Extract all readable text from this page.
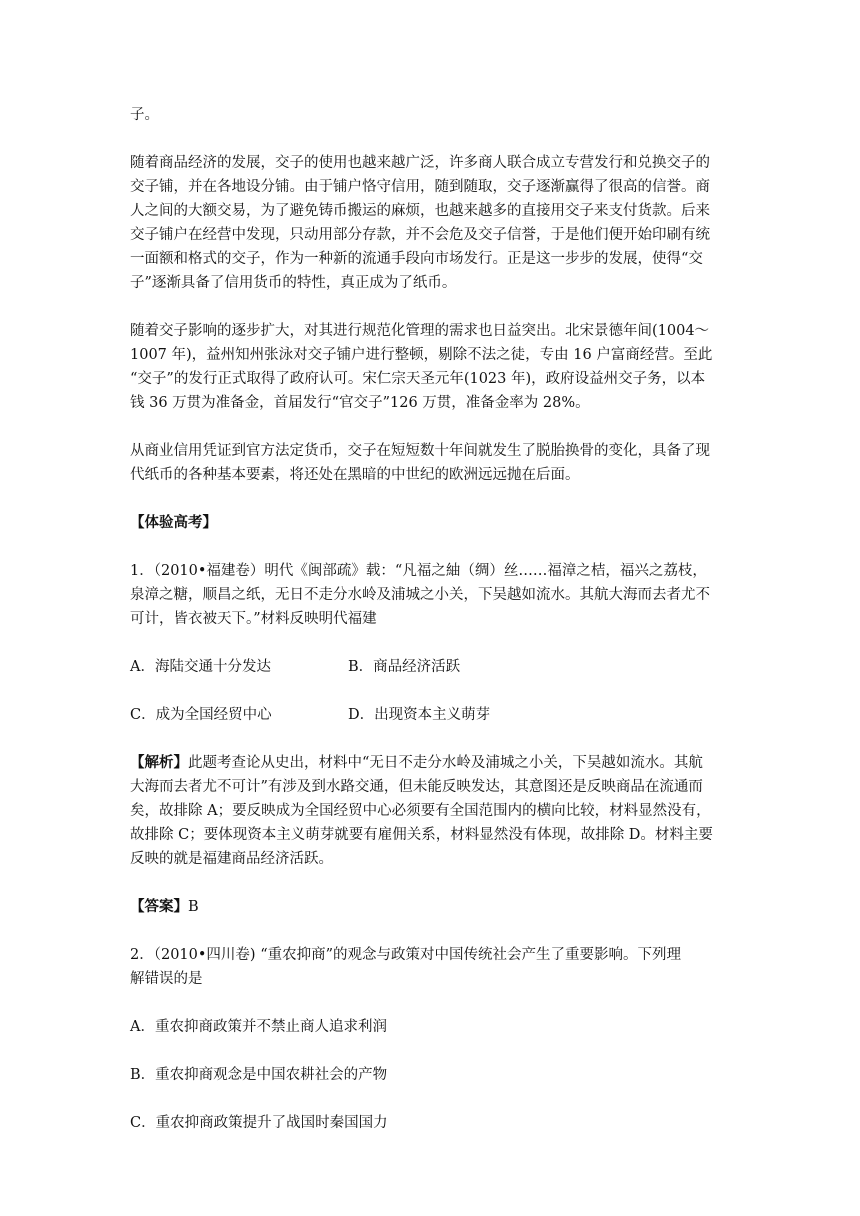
子。
随着商品经济的发展，交子的使用也越来越广泛，许多商人联合成立专营发行和兑换交子的
交子铺，并在各地设分铺。由于铺户恪守信用，随到随取，交子逐渐赢得了很高的信誉。商
人之间的大额交易，为了避免铸币搬运的麻烦，也越来越多的直接用交子来支付货款。后来
交子铺户在经营中发现，只动用部分存款，并不会危及交子信誉，于是他们便开始印刷有统
一面额和格式的交子，作为一种新的流通手段向市场发行。正是这一步步的发展，使得“交
子”逐渐具备了信用货币的特性，真正成为了纸币。
随着交子影响的逐步扩大，对其进行规范化管理的需求也日益突出。北宋景德年间(1004～
1007 年)，益州知州张泳对交子铺户进行整顿，剔除不法之徒，专由 16 户富商经营。至此
“交子”的发行正式取得了政府认可。宋仁宗天圣元年(1023 年)，政府设益州交子务，以本
钱 36 万贯为准备金，首届发行“官交子”126 万贯，准备金率为 28%。
从商业信用凭证到官方法定货币，交子在短短数十年间就发生了脱胎换骨的变化，具备了现
代纸币的各种基本要素，将还处在黑暗的中世纪的欧洲远远抛在后面。
【体验高考】
1．（2010•福建卷）明代《闽部疏》载：“凡福之紬（绸）丝……福漳之桔，福兴之荔枝，
泉漳之糖，顺昌之纸，无日不走分水岭及浦城之小关，下吴越如流水。其航大海而去者尤不
可计，皆衣被天下。”材料反映明代福建
A．海陆交通十分发达	B．商品经济活跃
C．成为全国经贸中心	D．出现资本主义萌芽
【解析】此题考查论从史出，材料中“无日不走分水岭及浦城之小关，下吴越如流水。其航
大海而去者尤不可计”有涉及到水路交通，但未能反映发达，其意图还是反映商品在流通而
矣，故排除 A；要反映成为全国经贸中心必须要有全国范围内的横向比较，材料显然没有，
故排除 C；要体现资本主义萌芽就要有雇佣关系，材料显然没有体现，故排除 D。材料主要
反映的就是福建商品经济活跃。
【答案】B
2．（2010•四川卷) “重农抑商”的观念与政策对中国传统社会产生了重要影响。下列理
解错误的是
A．重农抑商政策并不禁止商人追求利润
B．重农抑商观念是中国农耕社会的产物
C．重农抑商政策提升了战国时秦国国力
